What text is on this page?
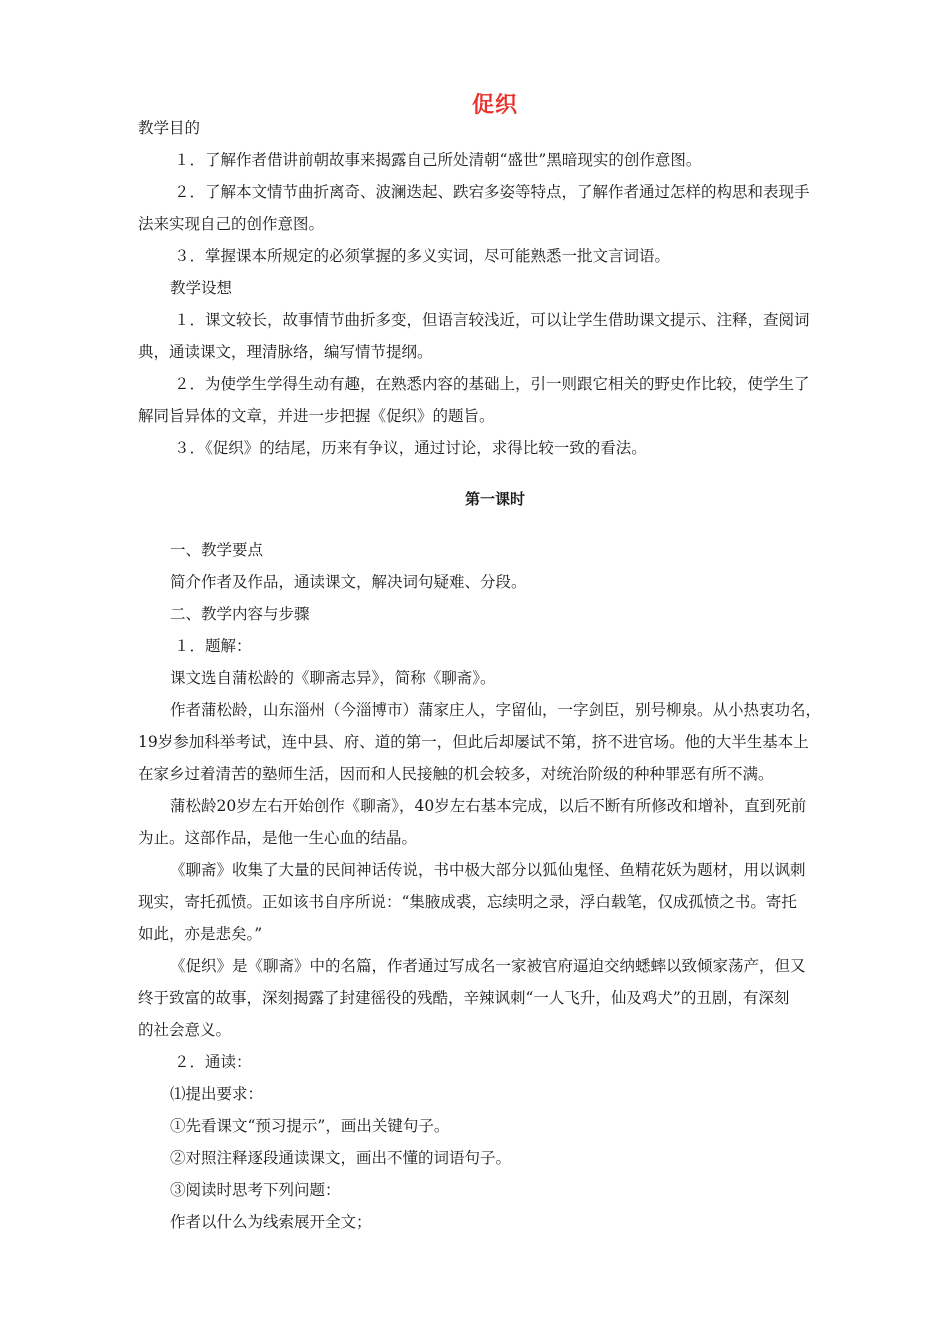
促织
教学目的
１．了解作者借讲前朝故事来揭露自己所处清朝“盛世”黑暗现实的创作意图。
２．了解本文情节曲折离奇、波澜迭起、跌宕多姿等特点，了解作者通过怎样的构思和表现手
法来实现自己的创作意图。
３．掌握课本所规定的必须掌握的多义实词，尽可能熟悉一批文言词语。
教学设想
１．课文较长，故事情节曲折多变，但语言较浅近，可以让学生借助课文提示、注释，查阅词
典，通读课文，理清脉络，编写情节提纲。
２．为使学生学得生动有趣，在熟悉内容的基础上，引一则跟它相关的野史作比较，使学生了
解同旨异体的文章，并进一步把握《促织》的题旨。
３．《促织》的结尾，历来有争议，通过讨论，求得比较一致的看法。
第一课时
一、教学要点
简介作者及作品，通读课文，解决词句疑难、分段。
二、教学内容与步骤
１．题解：
课文选自蒲松龄的《聊斋志异》，简称《聊斋》。
作者蒲松龄，山东淄州（今淄博市）蒲家庄人，字留仙，一字剑臣，别号柳泉。从小热衷功名，
19岁参加科举考试，连中县、府、道的第一，但此后却屡试不第，挤不进官场。他的大半生基本上
在家乡过着清苦的塾师生活，因而和人民接触的机会较多，对统治阶级的种种罪恶有所不满。
蒲松龄20岁左右开始创作《聊斋》，40岁左右基本完成，以后不断有所修改和增补，直到死前
为止。这部作品，是他一生心血的结晶。
《聊斋》收集了大量的民间神话传说，书中极大部分以狐仙鬼怪、鱼精花妖为题材，用以讽刺
现实，寄托孤愤。正如该书自序所说：“集腋成裘，忘续明之录，浮白载笔，仅成孤愤之书。寄托
如此，亦是悲矣。”
《促织》是《聊斋》中的名篇，作者通过写成名一家被官府逼迫交纳蟋蟀以致倾家荡产，但又
终于致富的故事，深刻揭露了封建徭役的残酷，辛辣讽刺“一人飞升，仙及鸡犬”的丑剧，有深刻
的社会意义。
２．通读：
⑴提出要求：
①先看课文“预习提示”，画出关键句子。
②对照注释逐段通读课文，画出不懂的词语句子。
③阅读时思考下列问题：
作者以什么为线索展开全文；
